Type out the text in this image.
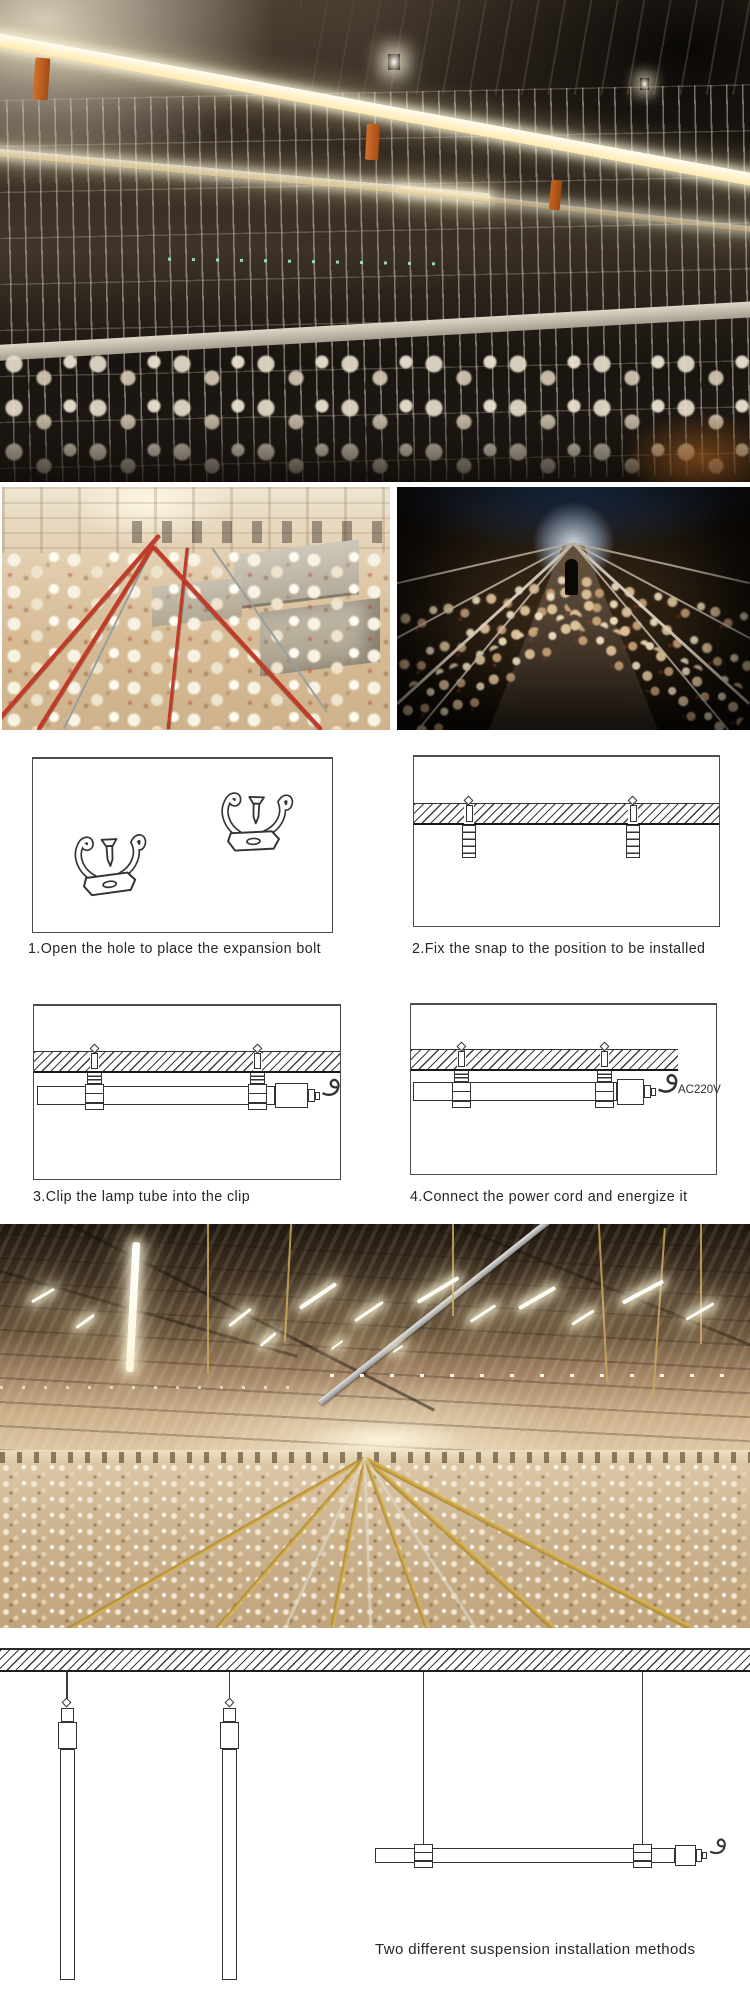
1.Open the hole to place the expansion bolt	2.Fix the snap to the position to be installed
3.Clip the lamp tube into the clip
AC220V
4.Connect the power cord and energize it
Two different suspension installation methods
